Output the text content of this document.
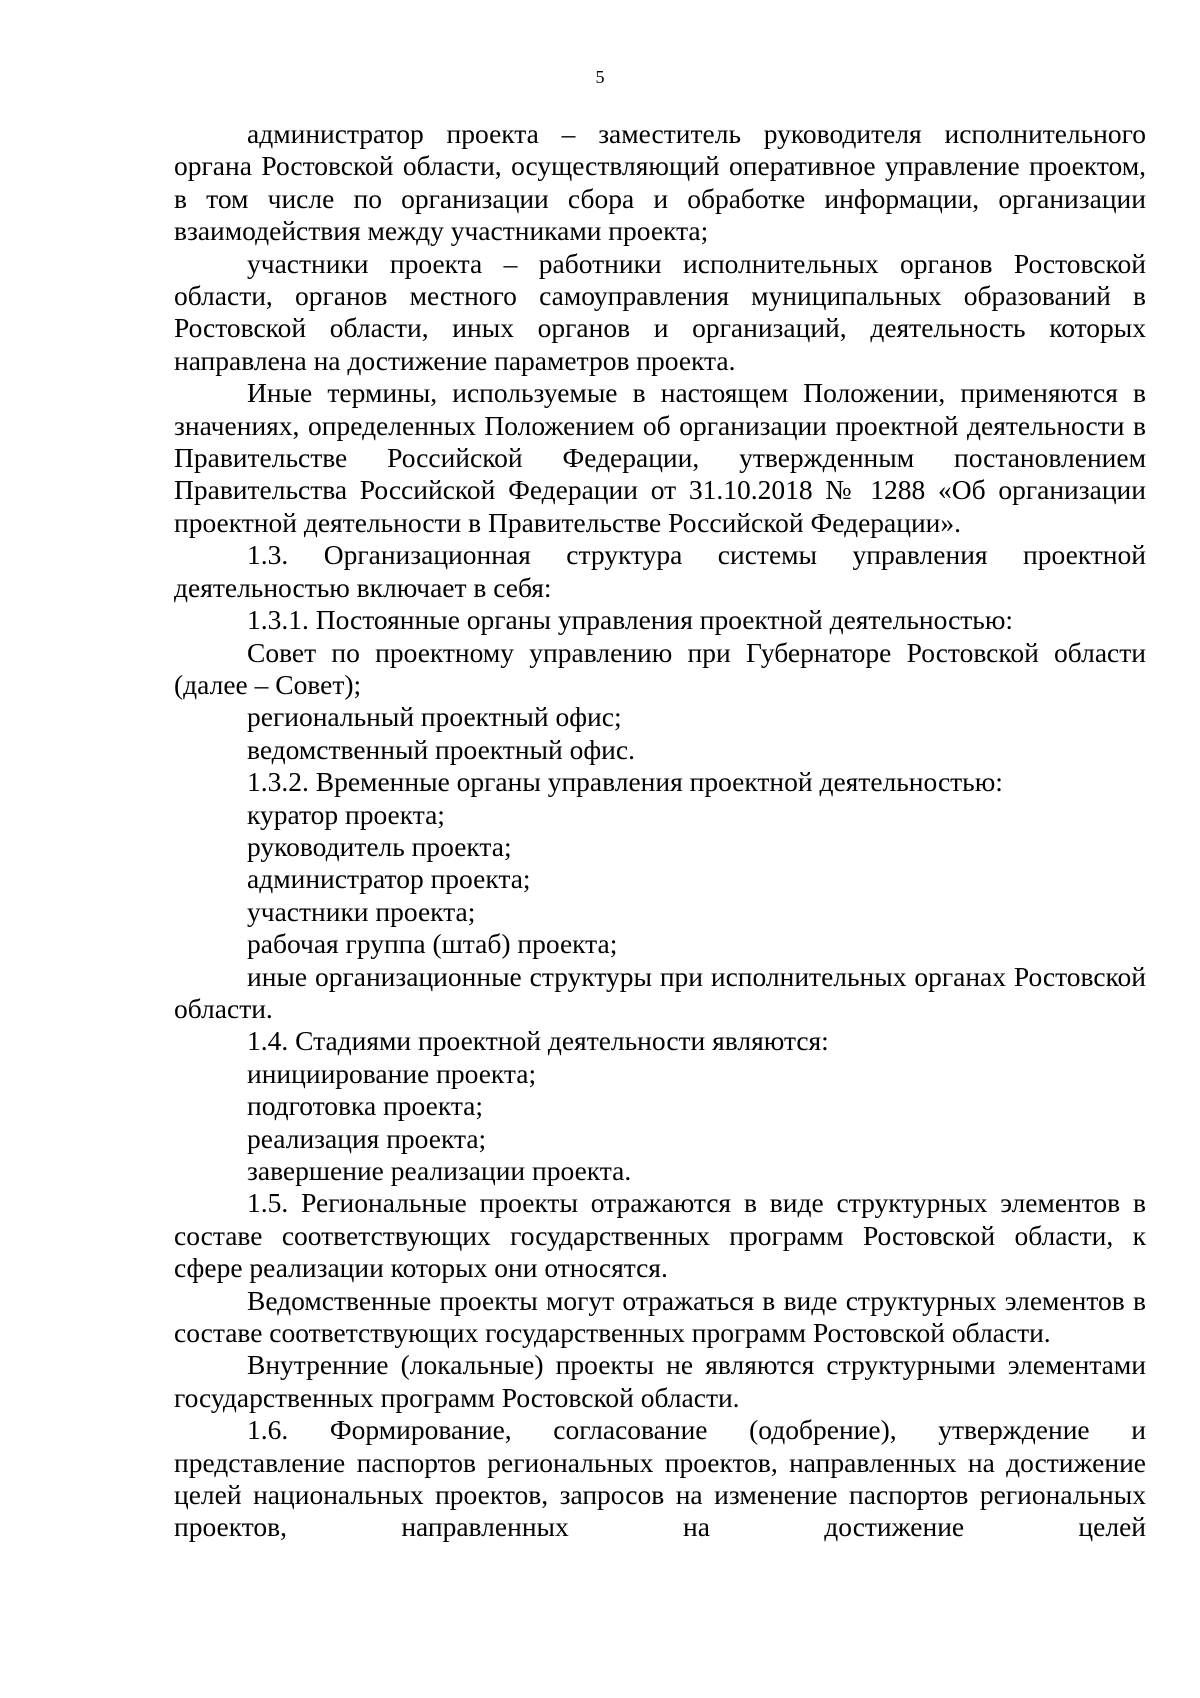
5

администратор проекта – заместитель руководителя исполнительного органа Ростовской области, осуществляющий оперативное управление проектом, в том числе по организации сбора и обработке информации, организации взаимодействия между участниками проекта;

участники проекта – работники исполнительных органов Ростовской области, органов местного самоуправления муниципальных образований в Ростовской области, иных органов и организаций, деятельность которых направлена на достижение параметров проекта.

Иные термины, используемые в настоящем Положении, применяются в значениях, определенных Положением об организации проектной деятельности в Правительстве Российской Федерации, утвержденным постановлением Правительства Российской Федерации от 31.10.2018 № 1288 «Об организации проектной деятельности в Правительстве Российской Федерации».

1.3. Организационная структура системы управления проектной деятельностью включает в себя:

1.3.1. Постоянные органы управления проектной деятельностью:

Совет по проектному управлению при Губернаторе Ростовской области (далее – Совет);

региональный проектный офис;

ведомственный проектный офис.

1.3.2. Временные органы управления проектной деятельностью:

куратор проекта;

руководитель проекта;

администратор проекта;

участники проекта;

рабочая группа (штаб) проекта;

иные организационные структуры при исполнительных органах Ростовской области.

1.4. Стадиями проектной деятельности являются:

инициирование проекта;

подготовка проекта;

реализация проекта;

завершение реализации проекта.

1.5. Региональные проекты отражаются в виде структурных элементов в составе соответствующих государственных программ Ростовской области, к сфере реализации которых они относятся.

Ведомственные проекты могут отражаться в виде структурных элементов в составе соответствующих государственных программ Ростовской области.

Внутренние (локальные) проекты не являются структурными элементами государственных программ Ростовской области.

1.6. Формирование, согласование (одобрение), утверждение и представление паспортов региональных проектов, направленных на достижение целей национальных проектов, запросов на изменение паспортов региональных проектов, направленных на достижение целей
